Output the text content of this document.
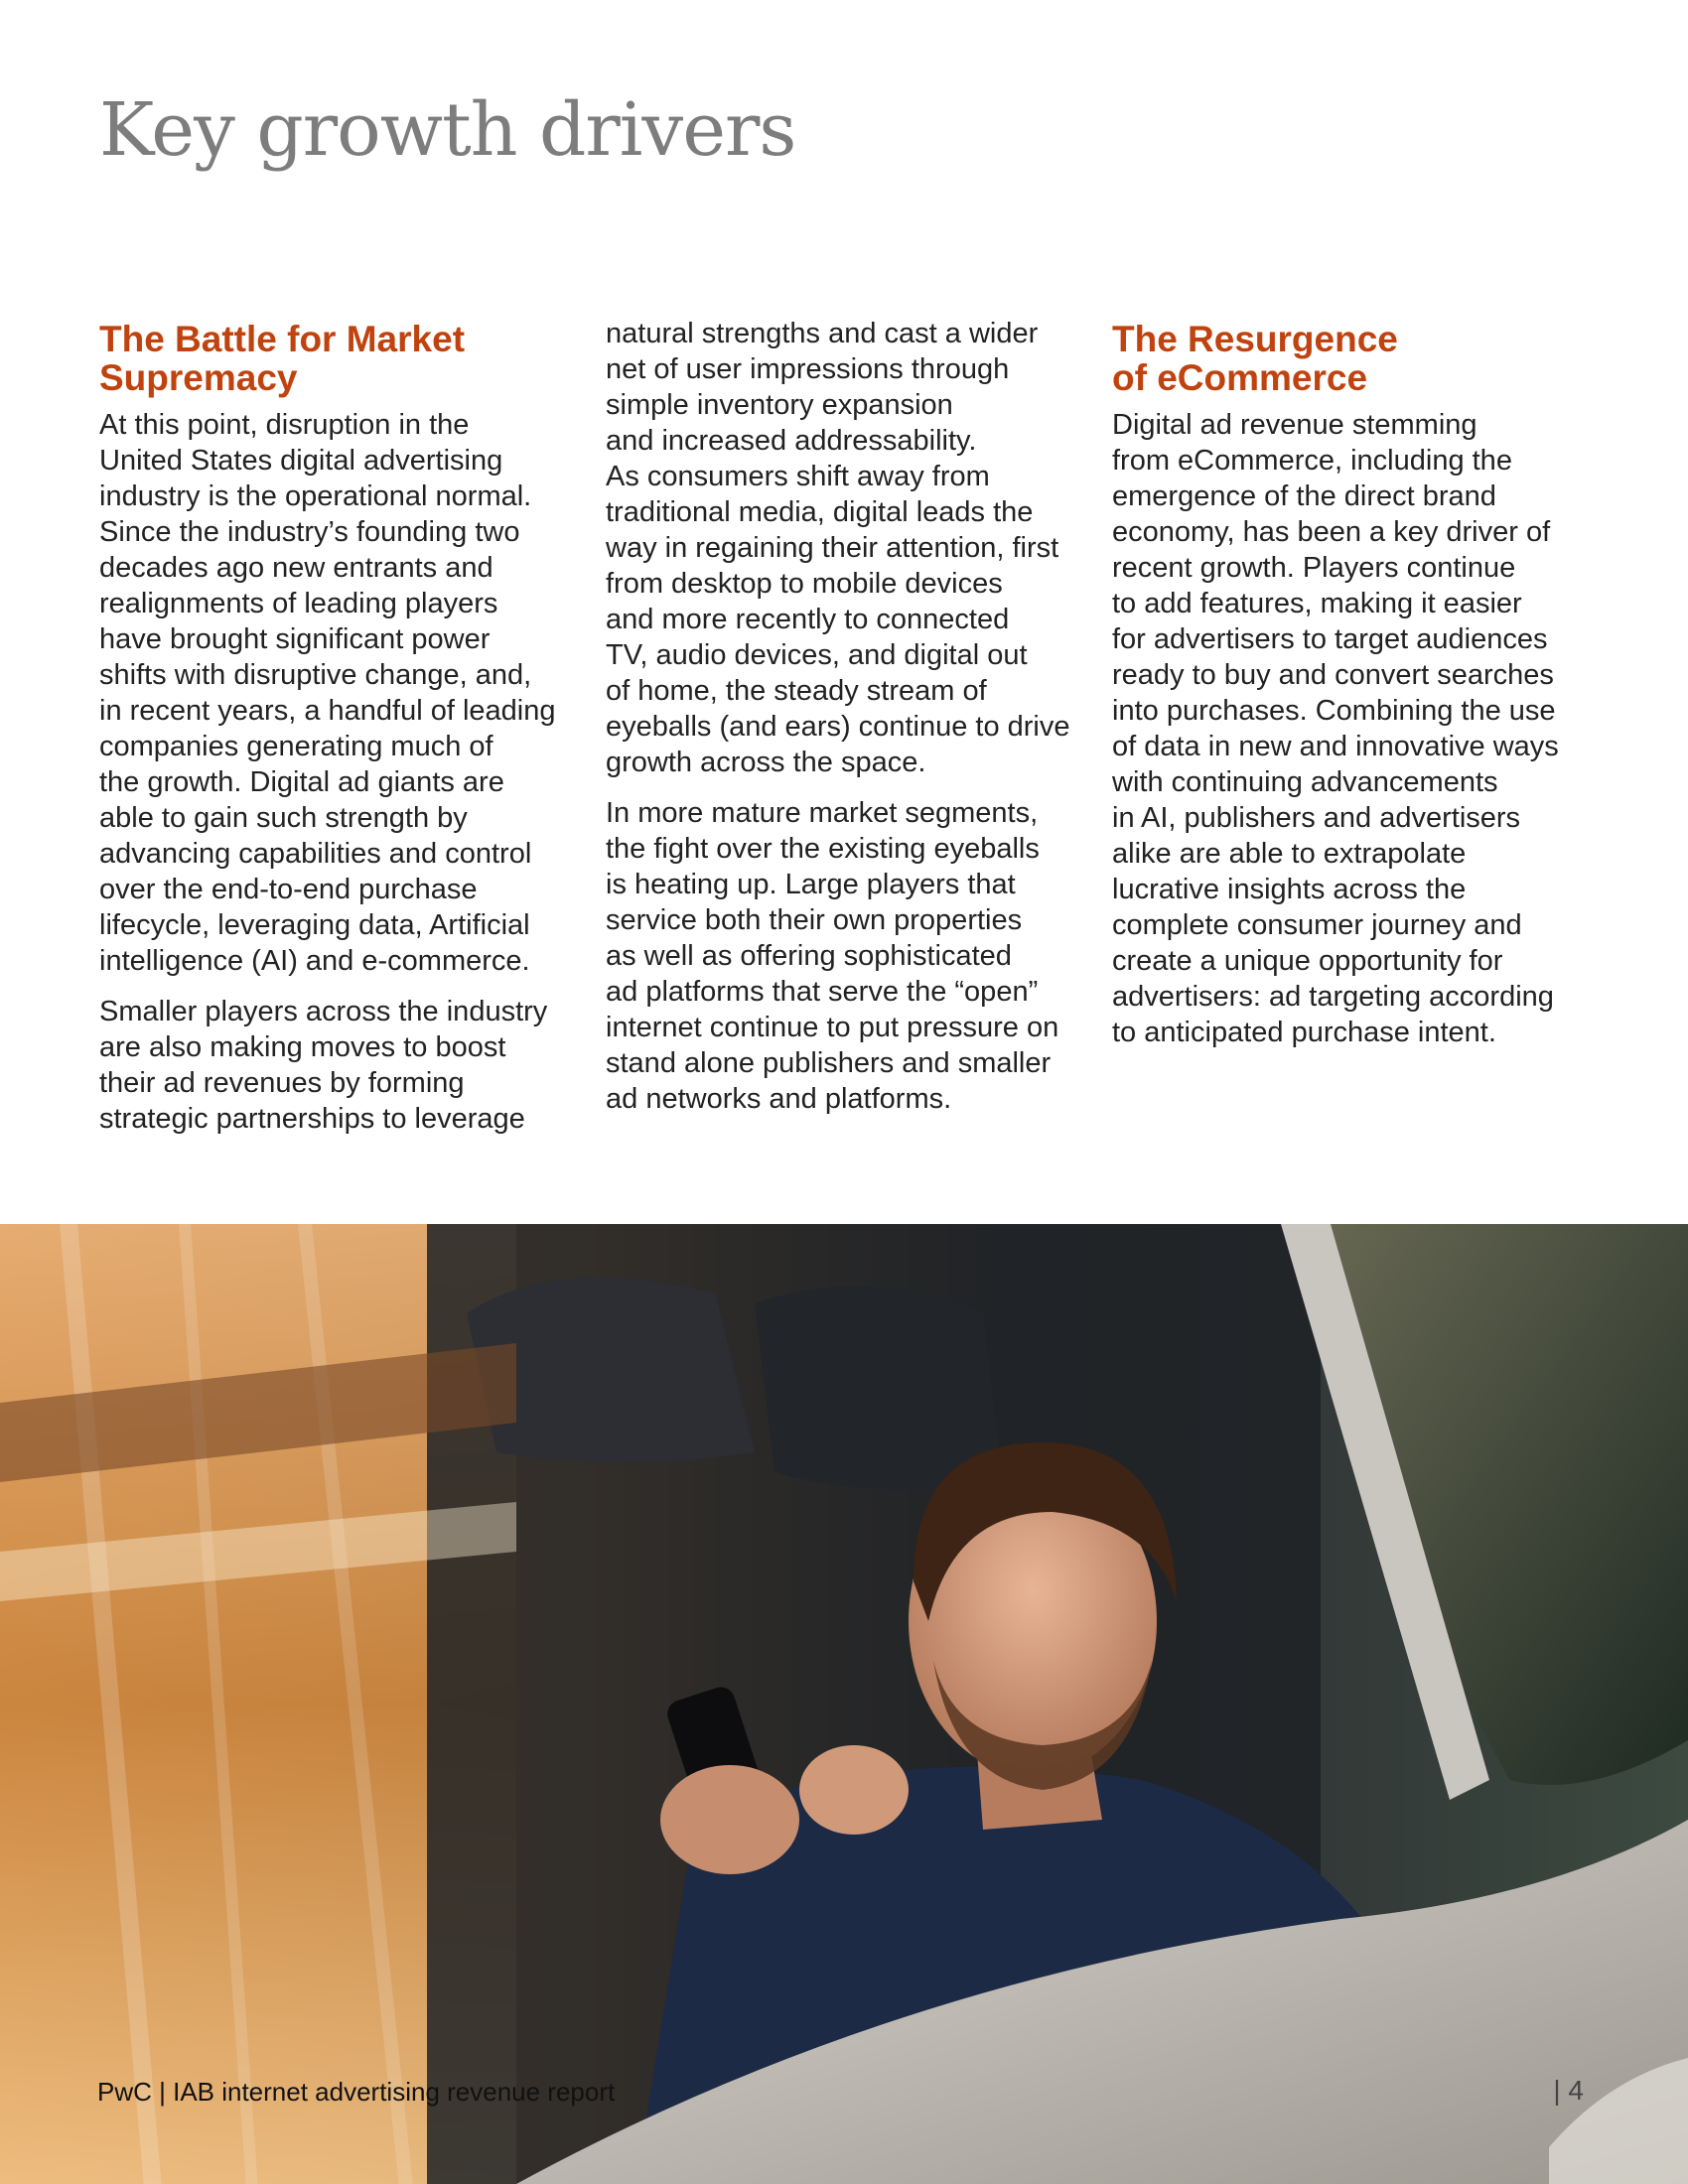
Key growth drivers
The Battle for Market
Supremacy

At this point, disruption in the
United States digital advertising
industry is the operational normal.
Since the industry’s founding two
decades ago new entrants and
realignments of leading players
have brought significant power
shifts with disruptive change, and,
in recent years, a handful of leading
companies generating much of
the growth. Digital ad giants are
able to gain such strength by
advancing capabilities and control
over the end-to-end purchase
lifecycle, leveraging data, Artificial
intelligence (AI) and e-commerce.

Smaller players across the industry
are also making moves to boost
their ad revenues by forming
strategic partnerships to leverage

natural strengths and cast a wider
net of user impressions through
simple inventory expansion
and increased addressability.
As consumers shift away from
traditional media, digital leads the
way in regaining their attention, first
from desktop to mobile devices
and more recently to connected
TV, audio devices, and digital out
of home, the steady stream of
eyeballs (and ears) continue to drive
growth across the space.

In more mature market segments,
the fight over the existing eyeballs
is heating up. Large players that
service both their own properties
as well as offering sophisticated
ad platforms that serve the “open”
internet continue to put pressure on
stand alone publishers and smaller
ad networks and platforms.

The Resurgence
of eCommerce

Digital ad revenue stemming
from eCommerce, including the
emergence of the direct brand
economy, has been a key driver of
recent growth. Players continue
to add features, making it easier
for advertisers to target audiences
ready to buy and convert searches
into purchases. Combining the use
of data in new and innovative ways
with continuing advancements
in AI, publishers and advertisers
alike are able to extrapolate
lucrative insights across the
complete consumer journey and
create a unique opportunity for
advertisers: ad targeting according
to anticipated purchase intent.

PwC | IAB internet advertising revenue report	| 4
